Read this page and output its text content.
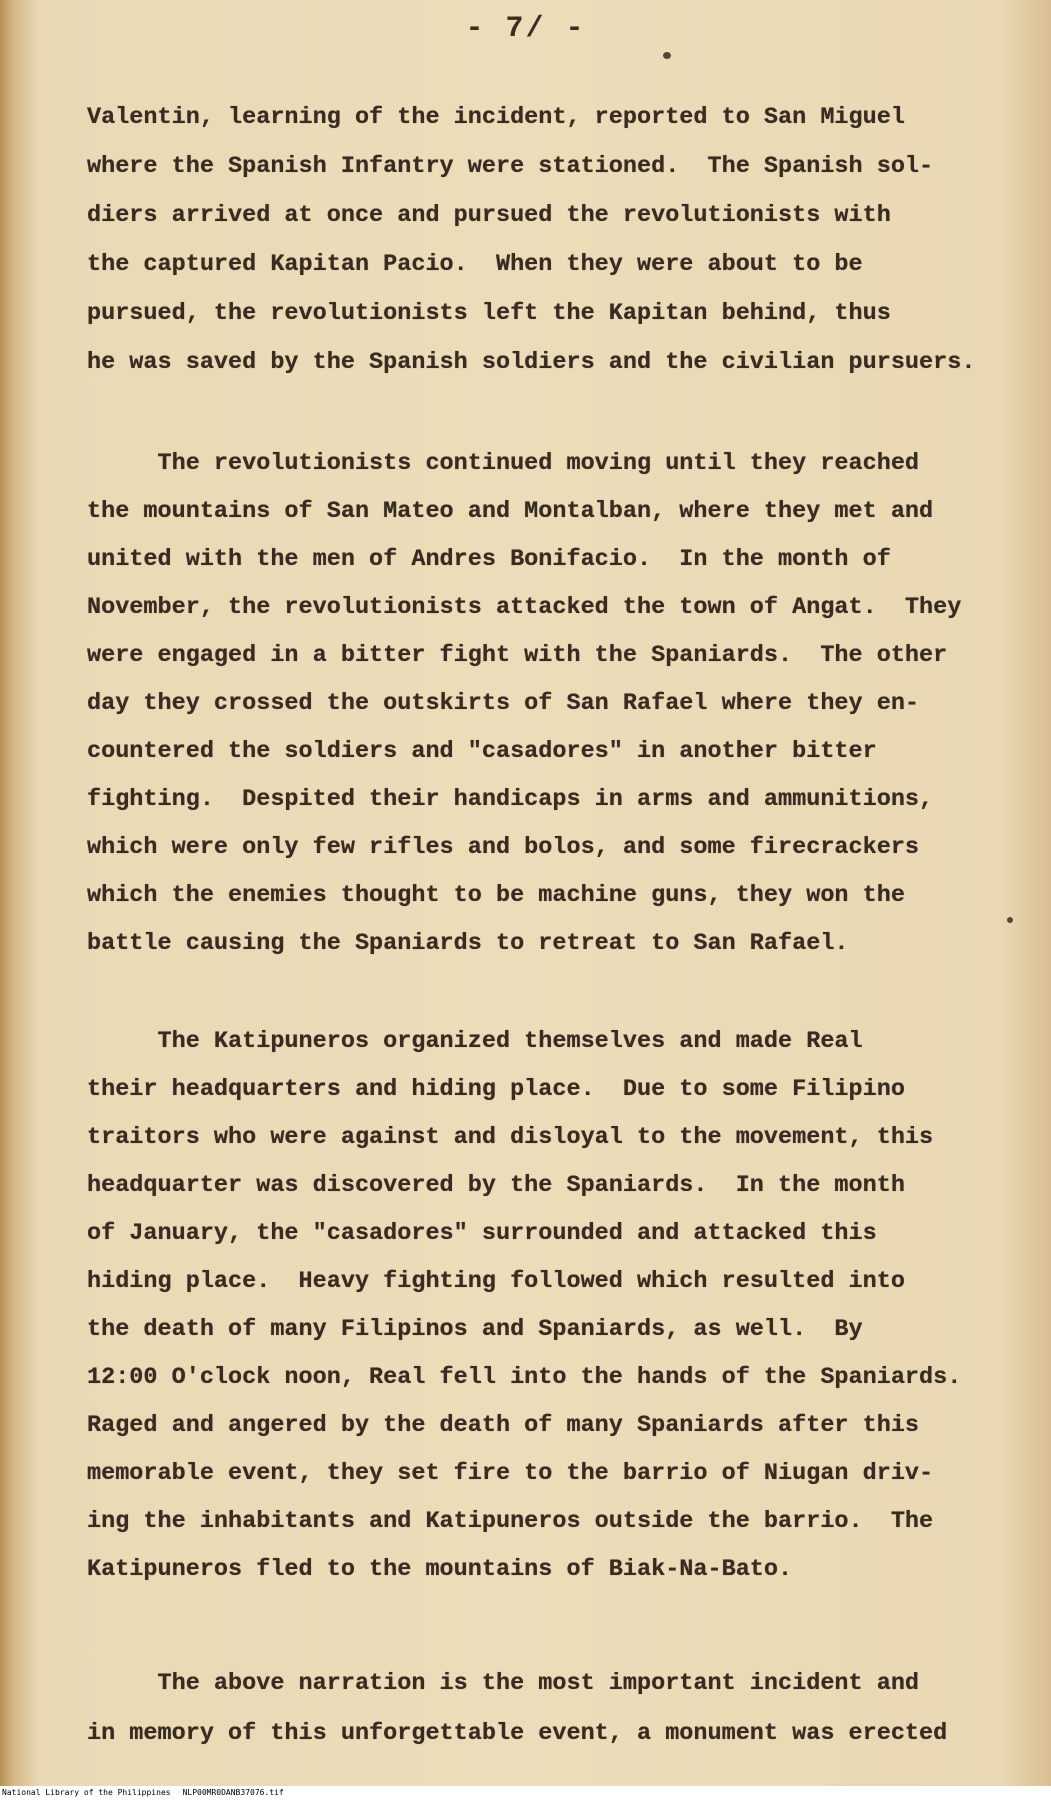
- 7/ -
Valentin, learning of the incident, reported to San Miguel
where the Spanish Infantry were stationed.  The Spanish sol-
diers arrived at once and pursued the revolutionists with
the captured Kapitan Pacio.  When they were about to be
pursued, the revolutionists left the Kapitan behind, thus
he was saved by the Spanish soldiers and the civilian pursuers.
The revolutionists continued moving until they reached
the mountains of San Mateo and Montalban, where they met and
united with the men of Andres Bonifacio.  In the month of
November, the revolutionists attacked the town of Angat.  They
were engaged in a bitter fight with the Spaniards.  The other
day they crossed the outskirts of San Rafael where they en-
countered the soldiers and "casadores" in another bitter
fighting.  Despited their handicaps in arms and ammunitions,
which were only few rifles and bolos, and some firecrackers
which the enemies thought to be machine guns, they won the
battle causing the Spaniards to retreat to San Rafael.
The Katipuneros organized themselves and made Real
their headquarters and hiding place.  Due to some Filipino
traitors who were against and disloyal to the movement, this
headquarter was discovered by the Spaniards.  In the month
of January, the "casadores" surrounded and attacked this
hiding place.  Heavy fighting followed which resulted into
the death of many Filipinos and Spaniards, as well.  By
12:00 O'clock noon, Real fell into the hands of the Spaniards.
Raged and angered by the death of many Spaniards after this
memorable event, they set fire to the barrio of Niugan driv-
ing the inhabitants and Katipuneros outside the barrio.  The
Katipuneros fled to the mountains of Biak-Na-Bato.
The above narration is the most important incident and
in memory of this unforgettable event, a monument was erected
National Library of the Philippines NLP00MR0DANB37076.tif
